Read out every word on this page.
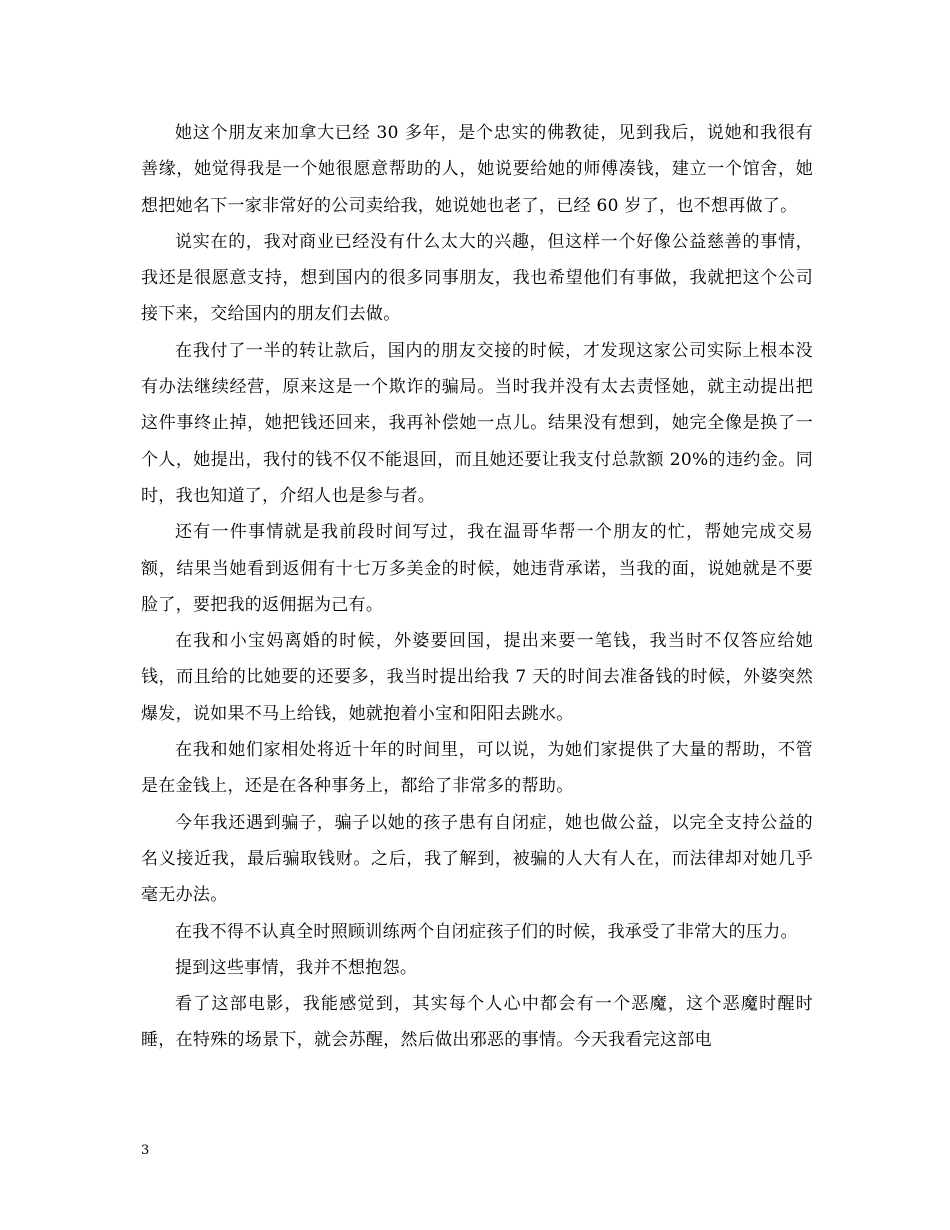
她这个朋友来加拿大已经 30 多年，是个忠实的佛教徒，见到我后，说她和我很有善缘，她觉得我是一个她很愿意帮助的人，她说要给她的师傅凑钱，建立一个馆舍，她想把她名下一家非常好的公司卖给我，她说她也老了，已经 60 岁了，也不想再做了。

说实在的，我对商业已经没有什么太大的兴趣，但这样一个好像公益慈善的事情，我还是很愿意支持，想到国内的很多同事朋友，我也希望他们有事做，我就把这个公司接下来，交给国内的朋友们去做。

在我付了一半的转让款后，国内的朋友交接的时候，才发现这家公司实际上根本没有办法继续经营，原来这是一个欺诈的骗局。当时我并没有太去责怪她，就主动提出把这件事终止掉，她把钱还回来，我再补偿她一点儿。结果没有想到，她完全像是换了一个人，她提出，我付的钱不仅不能退回，而且她还要让我支付总款额 20%的违约金。同时，我也知道了，介绍人也是参与者。

还有一件事情就是我前段时间写过，我在温哥华帮一个朋友的忙，帮她完成交易额，结果当她看到返佣有十七万多美金的时候，她违背承诺，当我的面，说她就是不要脸了，要把我的返佣据为己有。

在我和小宝妈离婚的时候，外婆要回国，提出来要一笔钱，我当时不仅答应给她钱，而且给的比她要的还要多，我当时提出给我 7 天的时间去准备钱的时候，外婆突然爆发，说如果不马上给钱，她就抱着小宝和阳阳去跳水。

在我和她们家相处将近十年的时间里，可以说，为她们家提供了大量的帮助，不管是在金钱上，还是在各种事务上，都给了非常多的帮助。

今年我还遇到骗子，骗子以她的孩子患有自闭症，她也做公益，以完全支持公益的名义接近我，最后骗取钱财。之后，我了解到，被骗的人大有人在，而法律却对她几乎毫无办法。

在我不得不认真全时照顾训练两个自闭症孩子们的时候，我承受了非常大的压力。

提到这些事情，我并不想抱怨。

看了这部电影，我能感觉到，其实每个人心中都会有一个恶魔，这个恶魔时醒时睡，在特殊的场景下，就会苏醒，然后做出邪恶的事情。今天我看完这部电

3
